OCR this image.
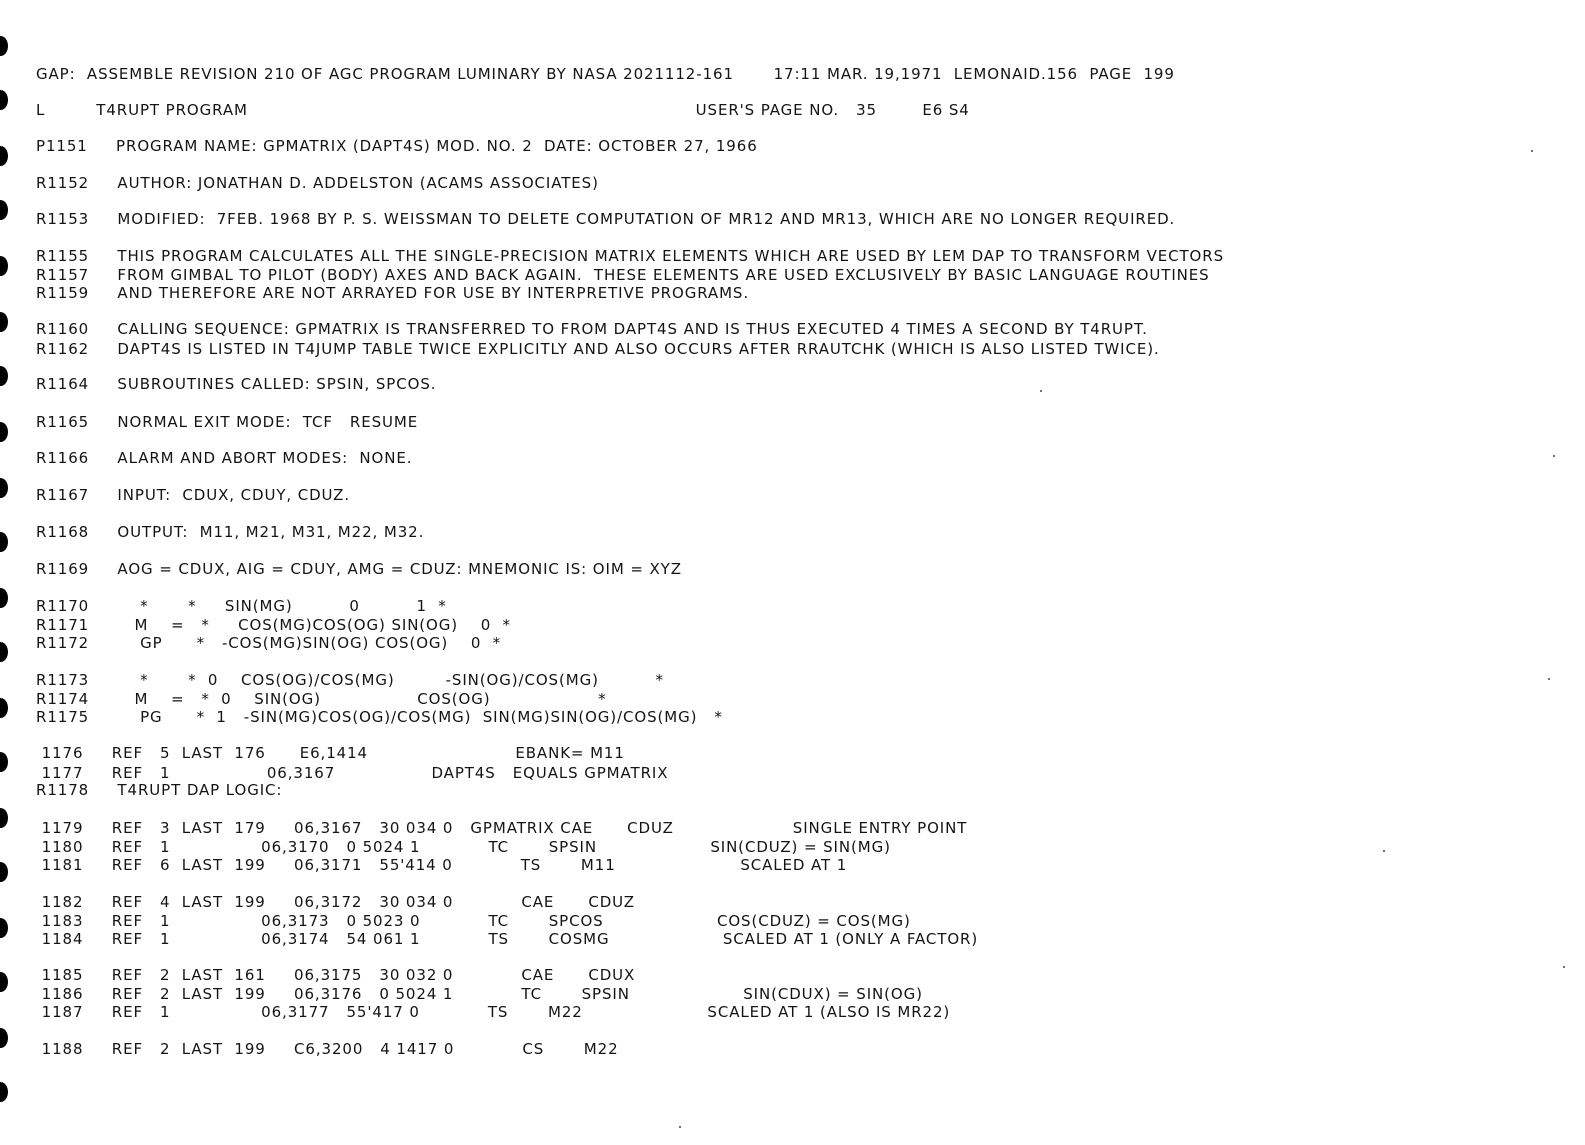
GAP:  ASSEMBLE REVISION 210 OF AGC PROGRAM LUMINARY BY NASA 2021112-161       17:11 MAR. 19,1971  LEMONAID.156  PAGE  199
L         T4RUPT PROGRAM                                                                               USER'S PAGE NO.   35        E6 S4
P1151     PROGRAM NAME: GPMATRIX (DAPT4S) MOD. NO. 2  DATE: OCTOBER 27, 1966
R1152     AUTHOR: JONATHAN D. ADDELSTON (ACAMS ASSOCIATES)
R1153     MODIFIED:  7FEB. 1968 BY P. S. WEISSMAN TO DELETE COMPUTATION OF MR12 AND MR13, WHICH ARE NO LONGER REQUIRED.
R1155     THIS PROGRAM CALCULATES ALL THE SINGLE-PRECISION MATRIX ELEMENTS WHICH ARE USED BY LEM DAP TO TRANSFORM VECTORS
R1157     FROM GIMBAL TO PILOT (BODY) AXES AND BACK AGAIN.  THESE ELEMENTS ARE USED EXCLUSIVELY BY BASIC LANGUAGE ROUTINES
R1159     AND THEREFORE ARE NOT ARRAYED FOR USE BY INTERPRETIVE PROGRAMS.
R1160     CALLING SEQUENCE: GPMATRIX IS TRANSFERRED TO FROM DAPT4S AND IS THUS EXECUTED 4 TIMES A SECOND BY T4RUPT.
R1162     DAPT4S IS LISTED IN T4JUMP TABLE TWICE EXPLICITLY AND ALSO OCCURS AFTER RRAUTCHK (WHICH IS ALSO LISTED TWICE).
R1164     SUBROUTINES CALLED: SPSIN, SPCOS.
R1165     NORMAL EXIT MODE:  TCF   RESUME
R1166     ALARM AND ABORT MODES:  NONE.
R1167     INPUT:  CDUX, CDUY, CDUZ.
R1168     OUTPUT:  M11, M21, M31, M22, M32.
R1169     AOG = CDUX, AIG = CDUY, AMG = CDUZ: MNEMONIC IS: OIM = XYZ
R1170         *       *     SIN(MG)          0          1  *
R1171        M    =   *     COS(MG)COS(OG) SIN(OG)    0  *
R1172         GP      *   -COS(MG)SIN(OG) COS(OG)    0  *
R1173         *       *  0    COS(OG)/COS(MG)         -SIN(OG)/COS(MG)          *
R1174        M    =   *  0    SIN(OG)                 COS(OG)                   *
R1175         PG      *  1   -SIN(MG)COS(OG)/COS(MG)  SIN(MG)SIN(OG)/COS(MG)   *
1176     REF   5  LAST  176      E6,1414                          EBANK= M11
1177     REF   1                 06,3167                 DAPT4S   EQUALS GPMATRIX
R1178     T4RUPT DAP LOGIC:
1179     REF   3  LAST  179     06,3167   30 034 0   GPMATRIX CAE      CDUZ                     SINGLE ENTRY POINT
1180     REF   1                06,3170   0 5024 1            TC       SPSIN                    SIN(CDUZ) = SIN(MG)
1181     REF   6  LAST  199     06,3171   55'414 0            TS       M11                      SCALED AT 1
1182     REF   4  LAST  199     06,3172   30 034 0            CAE      CDUZ
1183     REF   1                06,3173   0 5023 0            TC       SPCOS                    COS(CDUZ) = COS(MG)
1184     REF   1                06,3174   54 061 1            TS       COSMG                    SCALED AT 1 (ONLY A FACTOR)
1185     REF   2  LAST  161     06,3175   30 032 0            CAE      CDUX
1186     REF   2  LAST  199     06,3176   0 5024 1            TC       SPSIN                    SIN(CDUX) = SIN(OG)
1187     REF   1                06,3177   55'417 0            TS       M22                      SCALED AT 1 (ALSO IS MR22)
1188     REF   2  LAST  199     C6,3200   4 1417 0            CS       M22
